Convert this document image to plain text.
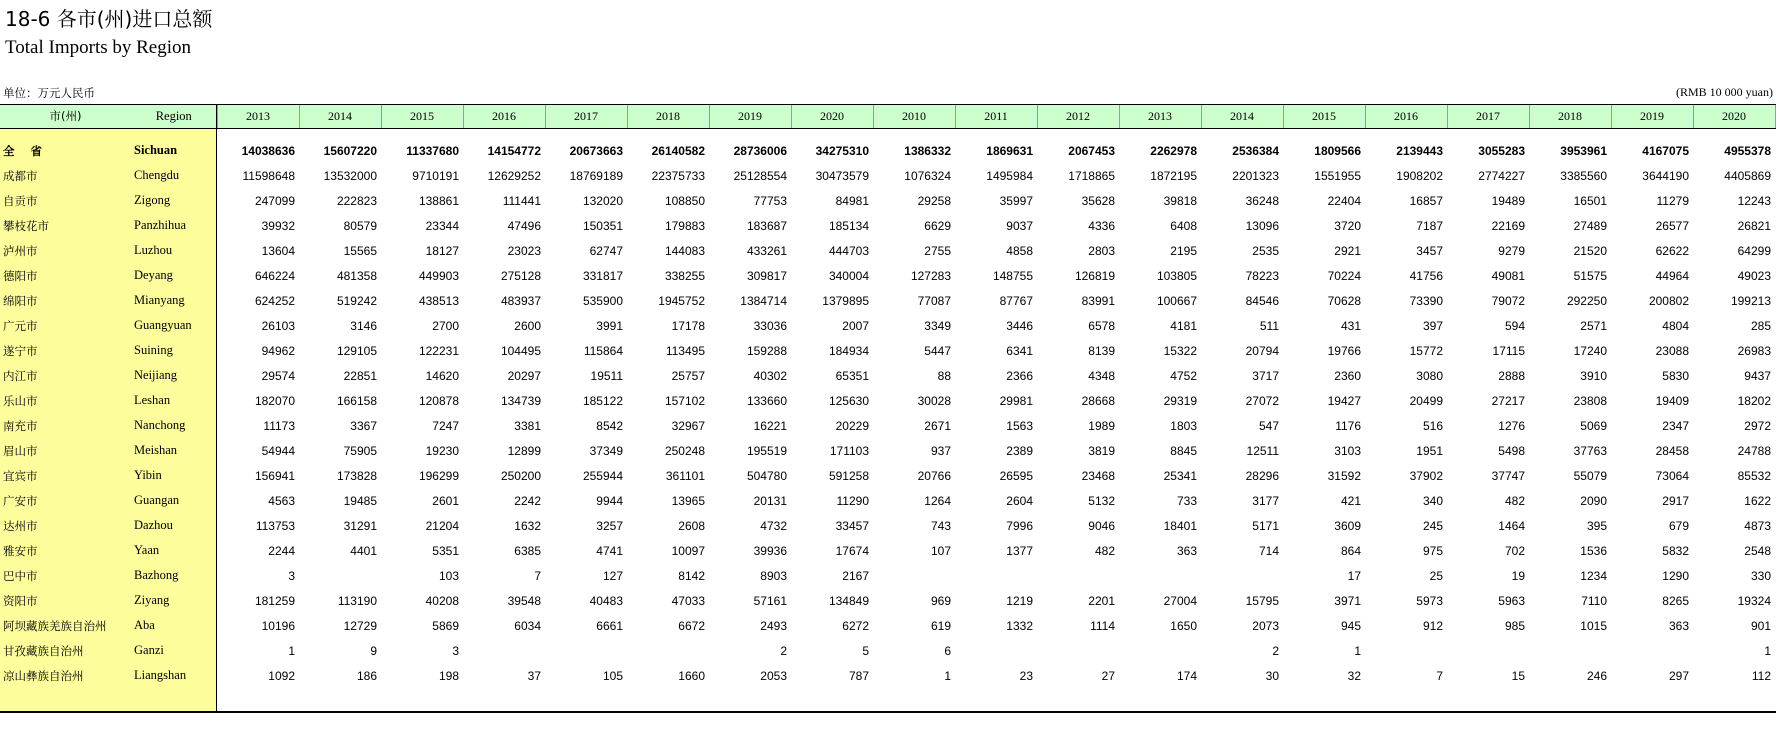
18-6 各市(州)进口总额
Total Imports by Region
单位：万元人民币	(RMB 10 000 yuan)
市(州)	Region	2013	2014	2015	2016	2017	2018	2019	2020	2010	2011	2012	2013	2014	2015	2016	2017	2018	2019	2020

全 省	Sichuan	14038636	15607220	11337680	14154772	20673663	26140582	28736006	34275310	1386332	1869631	2067453	2262978	2536384	1809566	2139443	3055283	3953961	4167075	4955378
成都市	Chengdu	11598648	13532000	9710191	12629252	18769189	22375733	25128554	30473579	1076324	1495984	1718865	1872195	2201323	1551955	1908202	2774227	3385560	3644190	4405869
自贡市	Zigong	247099	222823	138861	111441	132020	108850	77753	84981	29258	35997	35628	39818	36248	22404	16857	19489	16501	11279	12243
攀枝花市	Panzhihua	39932	80579	23344	47496	150351	179883	183687	185134	6629	9037	4336	6408	13096	3720	7187	22169	27489	26577	26821
泸州市	Luzhou	13604	15565	18127	23023	62747	144083	433261	444703	2755	4858	2803	2195	2535	2921	3457	9279	21520	62622	64299
德阳市	Deyang	646224	481358	449903	275128	331817	338255	309817	340004	127283	148755	126819	103805	78223	70224	41756	49081	51575	44964	49023
绵阳市	Mianyang	624252	519242	438513	483937	535900	1945752	1384714	1379895	77087	87767	83991	100667	84546	70628	73390	79072	292250	200802	199213
广元市	Guangyuan	26103	3146	2700	2600	3991	17178	33036	2007	3349	3446	6578	4181	511	431	397	594	2571	4804	285
遂宁市	Suining	94962	129105	122231	104495	115864	113495	159288	184934	5447	6341	8139	15322	20794	19766	15772	17115	17240	23088	26983
内江市	Neijiang	29574	22851	14620	20297	19511	25757	40302	65351	88	2366	4348	4752	3717	2360	3080	2888	3910	5830	9437
乐山市	Leshan	182070	166158	120878	134739	185122	157102	133660	125630	30028	29981	28668	29319	27072	19427	20499	27217	23808	19409	18202
南充市	Nanchong	11173	3367	7247	3381	8542	32967	16221	20229	2671	1563	1989	1803	547	1176	516	1276	5069	2347	2972
眉山市	Meishan	54944	75905	19230	12899	37349	250248	195519	171103	937	2389	3819	8845	12511	3103	1951	5498	37763	28458	24788
宜宾市	Yibin	156941	173828	196299	250200	255944	361101	504780	591258	20766	26595	23468	25341	28296	31592	37902	37747	55079	73064	85532
广安市	Guangan	4563	19485	2601	2242	9944	13965	20131	11290	1264	2604	5132	733	3177	421	340	482	2090	2917	1622
达州市	Dazhou	113753	31291	21204	1632	3257	2608	4732	33457	743	7996	9046	18401	5171	3609	245	1464	395	679	4873
雅安市	Yaan	2244	4401	5351	6385	4741	10097	39936	17674	107	1377	482	363	714	864	975	702	1536	5832	2548
巴中市	Bazhong	3		103	7	127	8142	8903	2167						17	25	19	1234	1290	330
资阳市	Ziyang	181259	113190	40208	39548	40483	47033	57161	134849	969	1219	2201	27004	15795	3971	5973	5963	7110	8265	19324
阿坝藏族羌族自治州	Aba	10196	12729	5869	6034	6661	6672	2493	6272	619	1332	1114	1650	2073	945	912	985	1015	363	901
甘孜藏族自治州	Ganzi	1	9	3				2	5	6				2	1					1
凉山彝族自治州	Liangshan	1092	186	198	37	105	1660	2053	787	1	23	27	174	30	32	7	15	246	297	112
